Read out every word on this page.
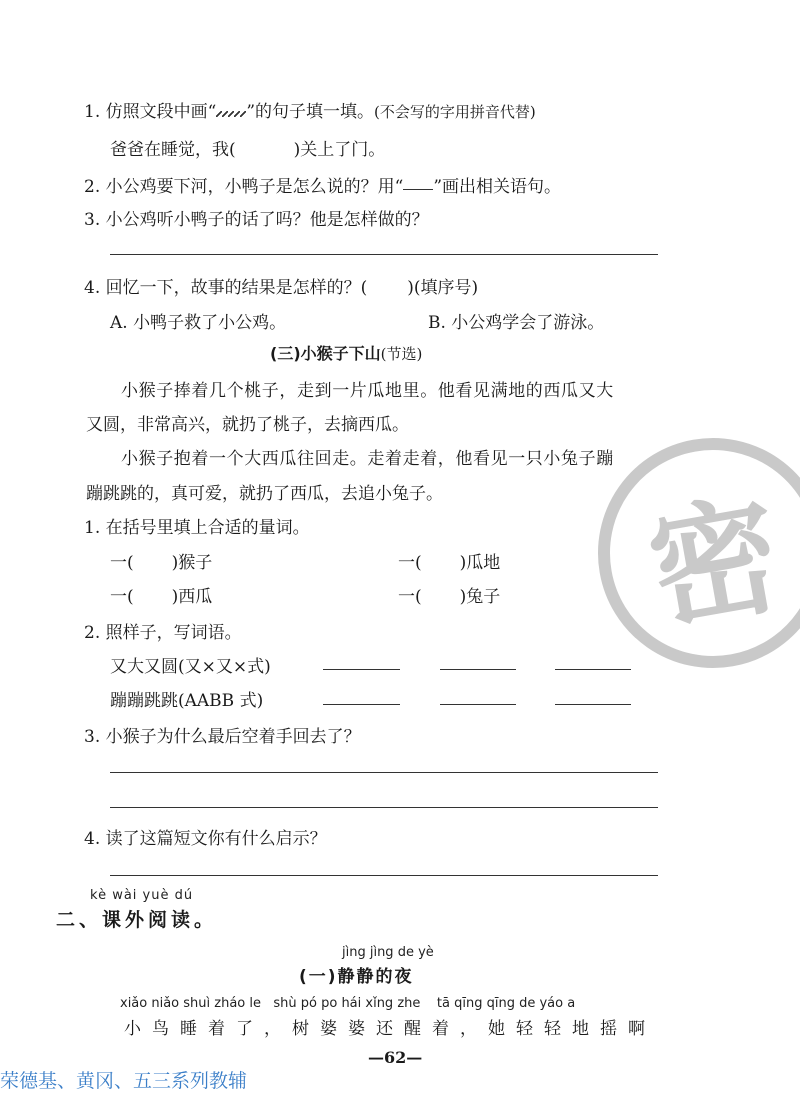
密
1. 仿照文段中画“ ”的句子填一填。(不会写的字用拼音代替)
爸爸在睡觉，我(	)关上了门。
2. 小公鸡要下河，小鸭子是怎么说的？用“ ”画出相关语句。
3. 小公鸡听小鸭子的话了吗？他是怎样做的？
4. 回忆一下，故事的结果是怎样的？( )(填序号)
A. 小鸭子救了小公鸡。	B. 小公鸡学会了游泳。
(三)小猴子下山(节选)
小猴子捧着几个桃子，走到一片瓜地里。他看见满地的西瓜又大
又圆，非常高兴，就扔了桃子，去摘西瓜。
小猴子抱着一个大西瓜往回走。走着走着，他看见一只小兔子蹦
蹦跳跳的，真可爱，就扔了西瓜，去追小兔子。
1. 在括号里填上合适的量词。
一( )猴子	一( )瓜地
一( )西瓜	一( )兔子
2. 照样子，写词语。
又大又圆(又×又×式)
蹦蹦跳跳(AABB 式)
3. 小猴子为什么最后空着手回去了？
4. 读了这篇短文你有什么启示？
kè wài yuè dú
二、课外阅读。
jìng jìng de yè
(一)静静的夜
xiǎo niǎo shuì zháo le   shù pó po hái xǐng zhe    tā qīng qīng de yáo a
小鸟睡着了，树婆婆还醒着，她轻轻地摇啊
—62—
荣德基、黄冈、五三系列教辅
